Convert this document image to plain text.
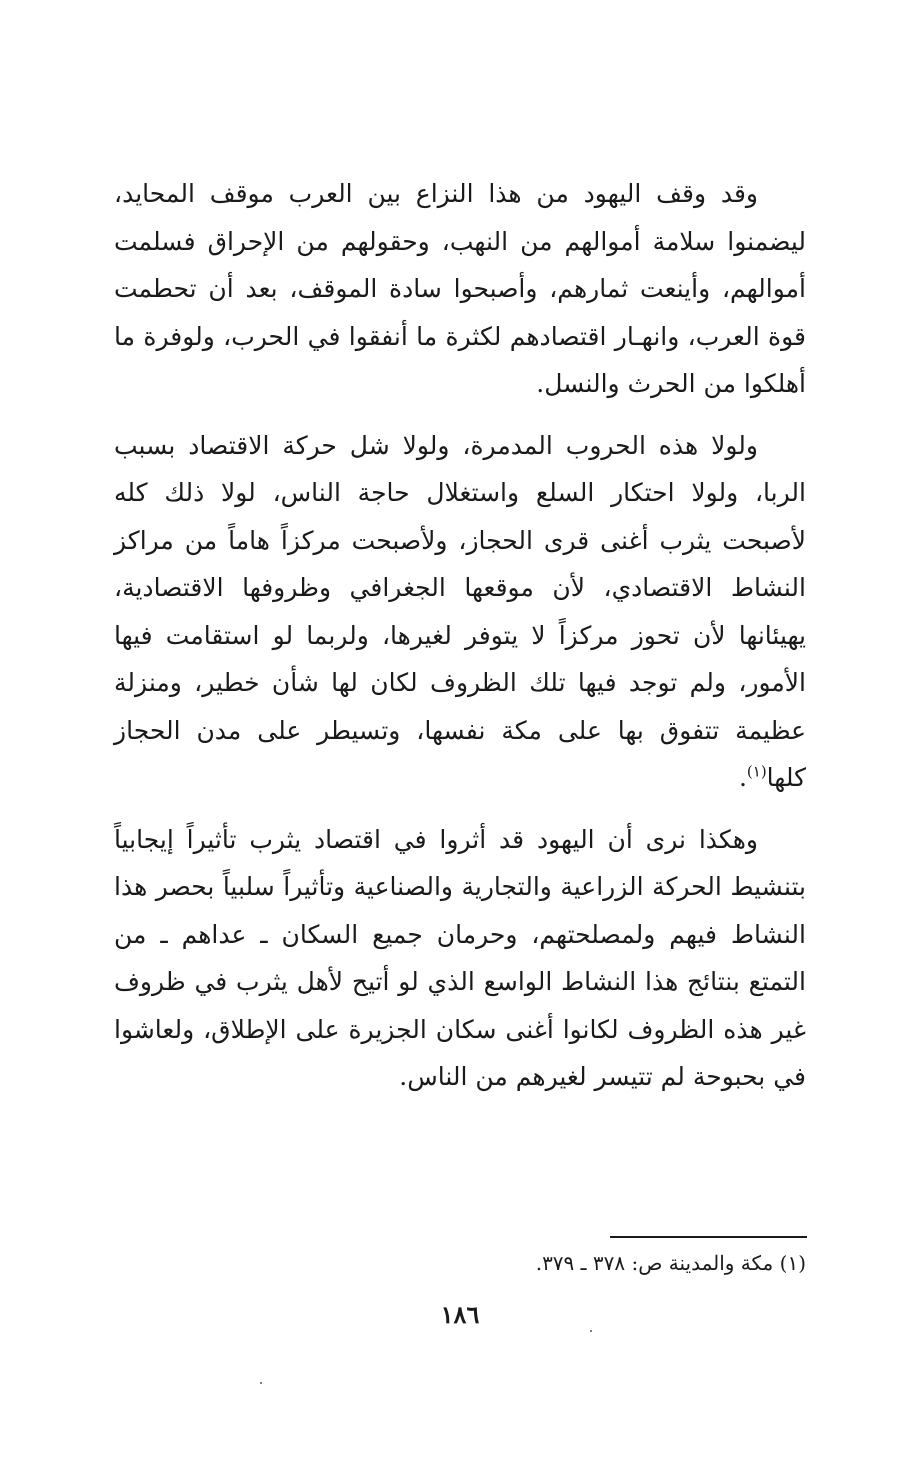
وقد وقف اليهود من هذا النزاع بين العرب موقف المحايد، ليضمنوا سلامة أموالهم من النهب، وحقولهم من الإحراق فسلمت أموالهم، وأينعت ثمارهم، وأصبحوا سادة الموقف، بعد أن تحطمت قوة العرب، وانهـار اقتصادهم لكثرة ما أنفقوا في الحرب، ولوفرة ما أهلكوا من الحرث والنسل.

ولولا هذه الحروب المدمرة، ولولا شل حركة الاقتصاد بسبب الربا، ولولا احتكار السلع واستغلال حاجة الناس، لولا ذلك كله لأصبحت يثرب أغنى قرى الحجاز، ولأصبحت مركزاً هاماً من مراكز النشاط الاقتصادي، لأن موقعها الجغرافي وظروفها الاقتصادية، يهيئانها لأن تحوز مركزاً لا يتوفر لغيرها، ولربما لو استقامت فيها الأمور، ولم توجد فيها تلك الظروف لكان لها شأن خطير، ومنزلة عظيمة تتفوق بها على مكة نفسها، وتسيطر على مدن الحجاز كلها$^{(١)}$.

وهكذا نرى أن اليهود قد أثروا في اقتصاد يثرب تأثيراً إيجابياً بتنشيط الحركة الزراعية والتجارية والصناعية وتأثيراً سلبياً بحصر هذا النشاط فيهم ولمصلحتهم، وحرمان جميع السكان ـ عداهم ـ من التمتع بنتائج هذا النشاط الواسع الذي لو أتيح لأهل يثرب في ظروف غير هذه الظروف لكانوا أغنى سكان الجزيرة على الإطلاق، ولعاشوا في بحبوحة لم تتيسر لغيرهم من الناس.

(١) مكة والمدينة ص: ٣٧٨ ـ ٣٧٩.
١٨٦
